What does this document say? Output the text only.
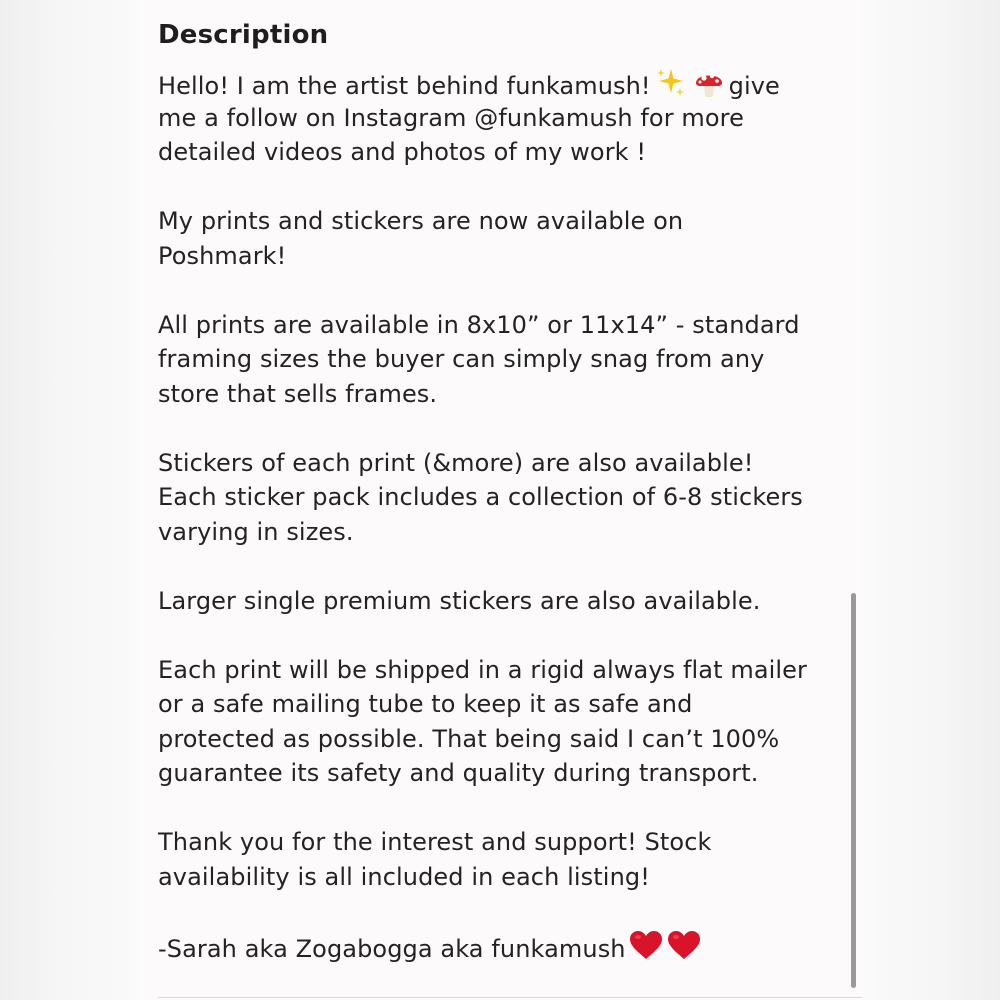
Description
Hello! I am the artist behind funkamush!	give
me a follow on Instagram @funkamush for more
detailed videos and photos of my work !
My prints and stickers are now available on
Poshmark!
All prints are available in 8x10” or 11x14” - standard
framing sizes the buyer can simply snag from any
store that sells frames.
Stickers of each print (&more) are also available!
Each sticker pack includes a collection of 6-8 stickers
varying in sizes.
Larger single premium stickers are also available.
Each print will be shipped in a rigid always flat mailer
or a safe mailing tube to keep it as safe and
protected as possible. That being said I can’t 100%
guarantee its safety and quality during transport.
Thank you for the interest and support! Stock
availability is all included in each listing!
-Sarah aka Zogabogga aka funkamush
